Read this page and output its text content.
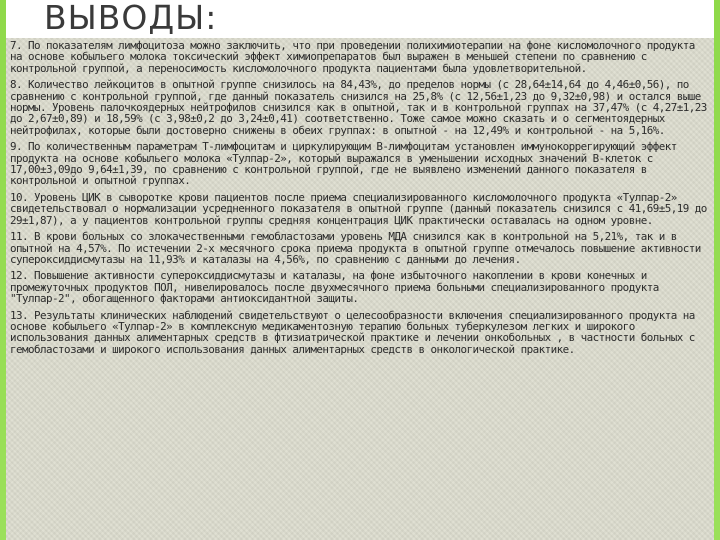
ВЫВОДЫ:

7. По показателям лимфоцитоза можно заключить, что при проведении полихимиотерапии на фоне кисломолочного продукта на основе кобыльего молока токсический эффект химиопрепаратов был выражен в меньшей степени по сравнению с контрольной группой, а переносимость кисломолочного продукта пациентами была удовлетворительной.

8. Количество лейкоцитов в опытной группе снизилось на 84,43%, до пределов нормы (с 28,64±14,64 до 4,46±0,56), по сравнению с контрольной группой, где данный показатель снизился на 25,8% (с 12,56±1,23 до 9,32±0,98) и остался выше нормы. Уровень палочкоядерных нейтрофилов снизился как в опытной, так и в контрольной группах на 37,47% (с 4,27±1,23 до 2,67±0,89) и 18,59% (с 3,98±0,2 до 3,24±0,41) соответственно. Тоже самое можно сказать и о сегментоядерных нейтрофилах, которые были достоверно снижены в обеих группах: в опытной - на 12,49% и контрольной - на 5,16%.

9. По количественным параметрам Т-лимфоцитам и циркулирующим В-лимфоцитам установлен иммунокоррегирующий эффект продукта на основе кобыльего молока «Тулпар-2», который выражался в уменьшении исходных значений В-клеток с 17,00±3,09до 9,64±1,39, по сравнению с контрольной группой, где не выявлено изменений данного показателя в контрольной и опытной группах.

10. Уровень ЦИК в сыворотке крови пациентов после приема специализированного кисломолочного продукта «Тулпар-2» свидетельствовал о нормализации усредненного показателя в опытной группе (данный показатель снизился с 41,69±5,19 до 29±1,87), а у пациентов контрольной группы средняя концентрация ЦИК практически оставалась на одном уровне.

11. В крови больных со злокачественными гемобластозами уровень МДА снизился как в контрольной на 5,21%, так и в опытной на 4,57%. По истечении 2-х месячного срока приема продукта в опытной группе отмечалось повышение активности супероксиддисмутазы на 11,93% и каталазы на 4,56%, по сравнению с данными до лечения.

12. Повышение активности супероксиддисмутазы и каталазы, на фоне избыточного накоплении в крови конечных и промежуточных продуктов ПОЛ, нивелировалось после двухмесячного приема больными специализированного продукта "Тулпар-2", обогащенного факторами антиоксидантной защиты.

13. Результаты клинических наблюдений свидетельствуют о целесообразности включения специализированного продукта на основе кобыльего «Тулпар-2» в комплексную медикаментозную терапию больных туберкулезом легких и широкого использования данных алиментарных средств в фтизиатрической практике и лечении онкобольных , в частности больных с гемобластозами и широкого использования данных алиментарных средств в онкологической практике.
